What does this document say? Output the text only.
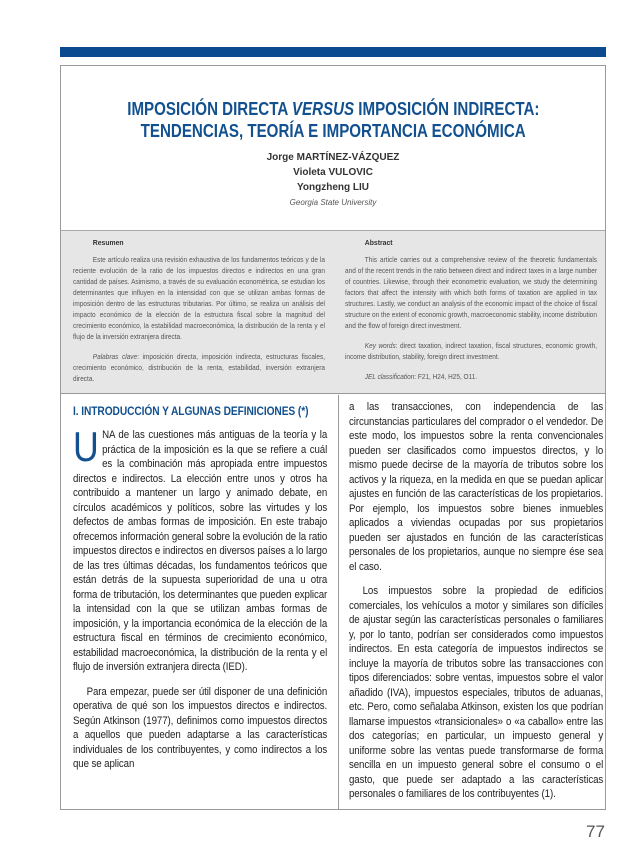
IMPOSICIÓN DIRECTA VERSUS IMPOSICIÓN INDIRECTA:
TENDENCIAS, TEORÍA E IMPORTANCIA ECONÓMICA
Jorge MARTÍNEZ-VÁZQUEZ
Violeta VULOVIC
Yongzheng LIU
Georgia State University
Resumen

Este artículo realiza una revisión exhaustiva de los fundamentos teóricos y de la reciente evolución de la ratio de los impuestos directos e indirectos en una gran cantidad de países. Asimismo, a través de su evaluación econométrica, se estudian los determinantes que influyen en la intensidad con que se utilizan ambas formas de imposición dentro de las estructuras tributarias. Por último, se realiza un análisis del impacto económico de la elección de la estructura fiscal sobre la magnitud del crecimiento económico, la estabilidad macroeconómica, la distribución de la renta y el flujo de la inversión extranjera directa.

Palabras clave: imposición directa, imposición indirecta, estructuras fiscales, crecimiento económico, distribución de la renta, estabilidad, inversión extranjera directa.

Abstract

This article carries out a comprehensive review of the theoretic fundamentals and of the recent trends in the ratio between direct and indirect taxes in a large number of countries. Likewise, through their econometric evaluation, we study the determining factors that affect the intensity with which both forms of taxation are applied in tax structures. Lastly, we conduct an analysis of the economic impact of the choice of fiscal structure on the extent of economic growth, macroeconomic stability, income distribution and the flow of foreign direct investment.

Key words: direct taxation, indirect taxation, fiscal structures, economic growth, income distribution, stability, foreign direct investment.

JEL classification: F21, H24, H25, O11.

I. INTRODUCCIÓN Y ALGUNAS DEFINICIONES (*)

UNA de las cuestiones más antiguas de la teoría y la práctica de la imposición es la que se refiere a cuál es la combinación más apropiada entre impuestos directos e indirectos. La elección entre unos y otros ha contribuido a mantener un largo y animado debate, en círculos académicos y políticos, sobre las virtudes y los defectos de ambas formas de imposición. En este trabajo ofrecemos información general sobre la evolución de la ratio impuestos directos e indirectos en diversos países a lo largo de las tres últimas décadas, los fundamentos teóricos que están detrás de la supuesta superioridad de una u otra forma de tributación, los determinantes que pueden explicar la intensidad con la que se utilizan ambas formas de imposición, y la importancia económica de la elección de la estructura fiscal en términos de crecimiento económico, estabilidad macroeconómica, la distribución de la renta y el flujo de inversión extranjera directa (IED).

Para empezar, puede ser útil disponer de una definición operativa de qué son los impuestos directos e indirectos. Según Atkinson (1977), definimos como impuestos directos a aquellos que pueden adaptarse a las características individuales de los contribuyentes, y como indirectos a los que se aplican

a las transacciones, con independencia de las circunstancias particulares del comprador o el vendedor. De este modo, los impuestos sobre la renta convencionales pueden ser clasificados como impuestos directos, y lo mismo puede decirse de la mayoría de tributos sobre los activos y la riqueza, en la medida en que se puedan aplicar ajustes en función de las características de los propietarios. Por ejemplo, los impuestos sobre bienes inmuebles aplicados a viviendas ocupadas por sus propietarios pueden ser ajustados en función de las características personales de los propietarios, aunque no siempre ése sea el caso.

Los impuestos sobre la propiedad de edificios comerciales, los vehículos a motor y similares son difíciles de ajustar según las características personales o familiares y, por lo tanto, podrían ser considerados como impuestos indirectos. En esta categoría de impuestos indirectos se incluye la mayoría de tributos sobre las transacciones con tipos diferenciados: sobre ventas, impuestos sobre el valor añadido (IVA), impuestos especiales, tributos de aduanas, etc. Pero, como señalaba Atkinson, existen los que podrían llamarse impuestos «transicionales» o «a caballo» entre las dos categorías; en particular, un impuesto general y uniforme sobre las ventas puede transformarse de forma sencilla en un impuesto general sobre el consumo o el gasto, que puede ser adaptado a las características personales o familiares de los contribuyentes (1).

77
